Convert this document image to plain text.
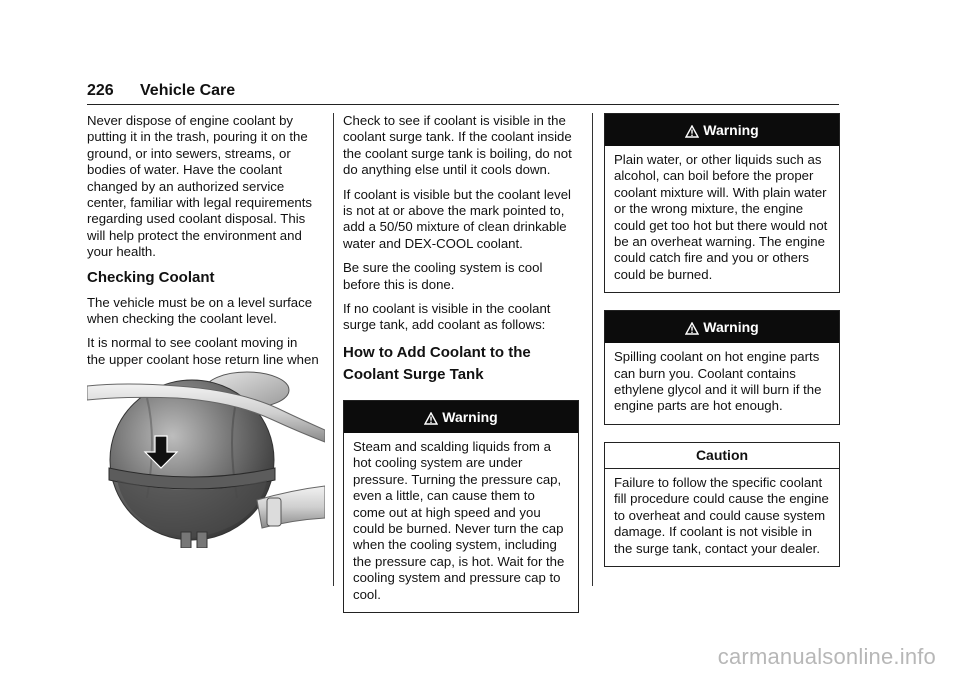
226 Vehicle Care

Never dispose of engine coolant by putting it in the trash, pouring it on the ground, or into sewers, streams, or bodies of water. Have the coolant changed by an authorized service center, familiar with legal requirements regarding used coolant disposal. This will help protect the environment and your health.

Checking Coolant

The vehicle must be on a level surface when checking the coolant level.

It is normal to see coolant moving in the upper coolant hose return line when

Check to see if coolant is visible in the coolant surge tank. If the coolant inside the coolant surge tank is boiling, do not do anything else until it cools down.

If coolant is visible but the coolant level is not at or above the mark pointed to, add a 50/50 mixture of clean drinkable water and DEX-COOL coolant.

Be sure the cooling system is cool before this is done.

If no coolant is visible in the coolant surge tank, add coolant as follows:

How to Add Coolant to the Coolant Surge Tank
Warning
Steam and scalding liquids from a hot cooling system are under pressure. Turning the pressure cap, even a little, can cause them to come out at high speed and you could be burned. Never turn the cap when the cooling system, including the pressure cap, is hot. Wait for the cooling system and pressure cap to cool.
Warning
Plain water, or other liquids such as alcohol, can boil before the proper coolant mixture will. With plain water or the wrong mixture, the engine could get too hot but there would not be an overheat warning. The engine could catch fire and you or others could be burned.
Warning
Spilling coolant on hot engine parts can burn you. Coolant contains ethylene glycol and it will burn if the engine parts are hot enough.
Caution
Failure to follow the specific coolant fill procedure could cause the engine to overheat and could cause system damage. If coolant is not visible in the surge tank, contact your dealer.
carmanualsonline.info
